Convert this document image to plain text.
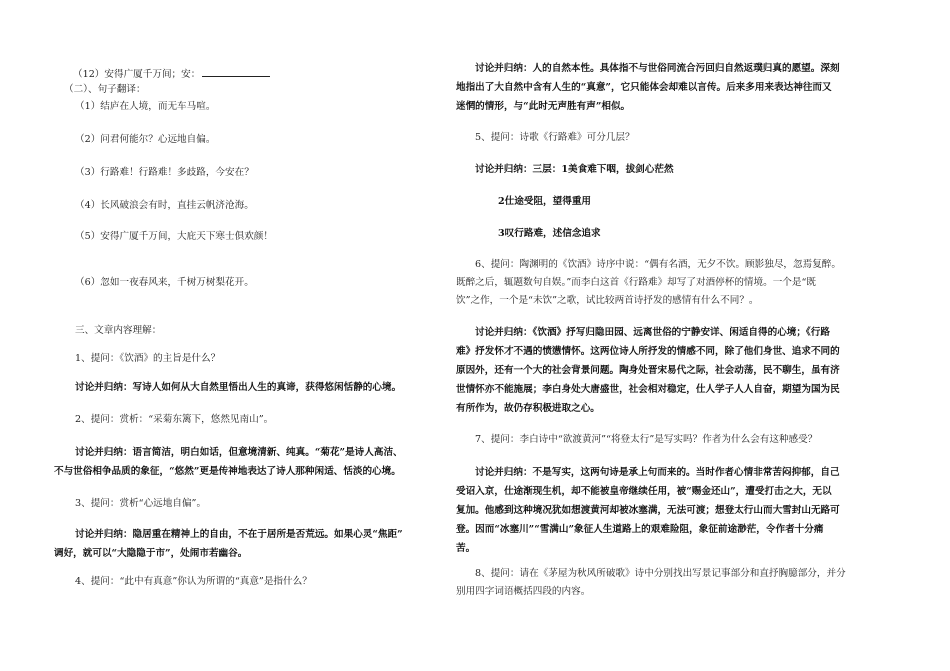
（12）安得广厦千万间；安：
（二）、句子翻译：
（1）结庐在人境，而无车马喧。
（2）问君何能尔？心远地自偏。
（3）行路难！行路难！多歧路，今安在？
（4）长风破浪会有时，直挂云帆济沧海。
（5）安得广厦千万间，大庇天下寒士俱欢颜！
（6）忽如一夜春风来，千树万树梨花开。
三、文章内容理解：
1、提问：《饮酒》的主旨是什么？
讨论并归纳：写诗人如何从大自然里悟出人生的真谛，获得悠闲恬静的心境。
2、提问：赏析：“采菊东篱下，悠然见南山”。
讨论并归纳：语言简洁，明白如话，但意境清新、纯真。“菊花”是诗人高洁、
不与世俗相争品质的象征，“悠然”更是传神地表达了诗人那种闲适、恬淡的心境。
3、提问：赏析“心远地自偏”。
讨论并归纳：隐居重在精神上的自由，不在于居所是否荒远。如果心灵“焦距”
调好，就可以“大隐隐于市”，处闹市若幽谷。
4、提问：“此中有真意”你认为所谓的“真意”是指什么？
讨论并归纳：人的自然本性。具体指不与世俗同流合污回归自然返璞归真的愿望。深刻
地指出了大自然中含有人生的“真意”，它只能体会却难以言传。后来多用来表达神往而又
迷惘的情形，与“此时无声胜有声”相似。
5、提问：诗歌《行路难》可分几层？
讨论并归纳：三层：1美食难下咽，拔剑心茫然
2仕途受阻，望得重用
3叹行路难，述信念追求
6、提问：陶渊明的《饮酒》诗序中说：“偶有名酒，无夕不饮。顾影独尽，忽焉复醉。
既醉之后，辄题数句自娱。”而李白这首《行路难》却写了对酒停杯的情境。一个是“既
饮”之作，一个是“未饮”之歌，试比较两首诗抒发的感情有什么不同？。
讨论并归纳：《饮酒》抒写归隐田园、远离世俗的宁静安详、闲适自得的心境；《行路
难》抒发怀才不遇的愤懑情怀。这两位诗人所抒发的情感不同，除了他们身世、追求不同的
原因外，还有一个大的社会背景问题。陶身处晋宋易代之际，社会动荡，民不聊生，虽有济
世情怀亦不能施展；李白身处大唐盛世，社会相对稳定，仕人学子人人自奋，期望为国为民
有所作为，故仍存积极进取之心。
7、提问：李白诗中“欲渡黄河”“将登太行”是写实吗？作者为什么会有这种感受？
讨论并归纳：不是写实，这两句诗是承上句而来的。当时作者心情非常苦闷抑郁，自己
受诏入京，仕途渐现生机，却不能被皇帝继续任用，被“赐金还山”，遭受打击之大，无以
复加。他感到这种境况犹如想渡黄河却被冰塞满，无法可渡；想登太行山而大雪封山无路可
登。因而“冰塞川”“雪满山”象征人生道路上的艰难险阻，象征前途渺茫，令作者十分痛
苦。
8、提问：请在《茅屋为秋风所破歌》诗中分别找出写景记事部分和直抒胸臆部分，并分
别用四字词语概括四段的内容。
